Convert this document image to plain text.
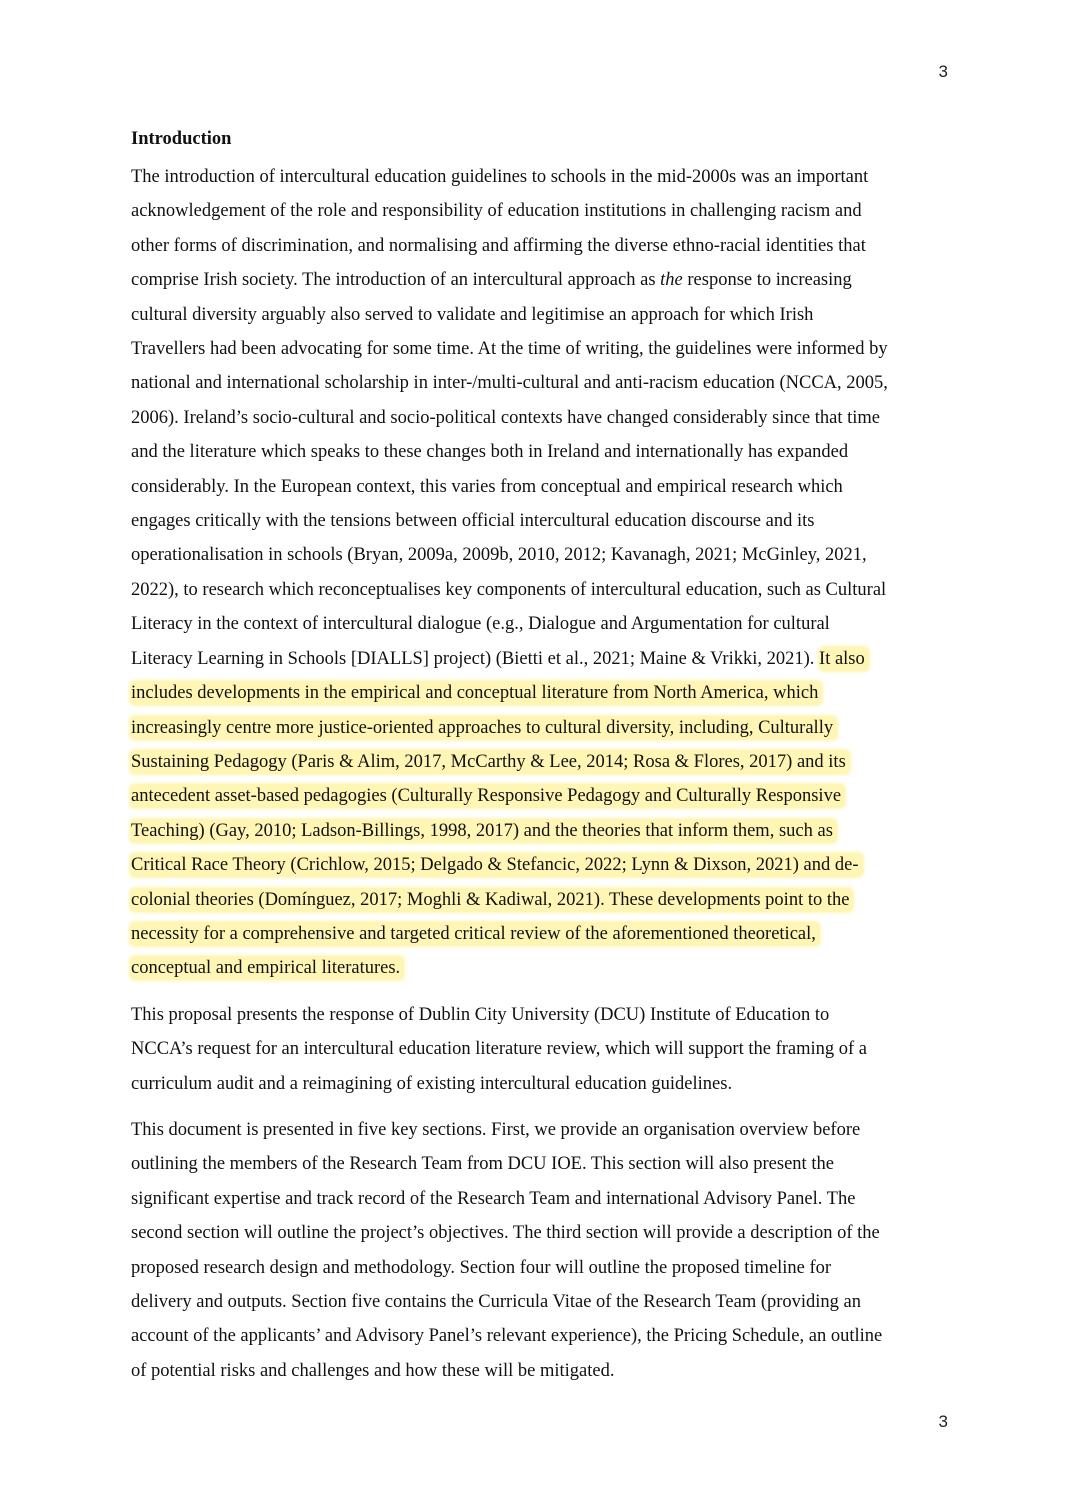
3
Introduction

The introduction of intercultural education guidelines to schools in the mid-2000s was an important
acknowledgement of the role and responsibility of education institutions in challenging racism and
other forms of discrimination, and normalising and affirming the diverse ethno-racial identities that
comprise Irish society. The introduction of an intercultural approach as the response to increasing
cultural diversity arguably also served to validate and legitimise an approach for which Irish
Travellers had been advocating for some time. At the time of writing, the guidelines were informed by
national and international scholarship in inter-/multi-cultural and anti-racism education (NCCA, 2005,
2006). Ireland’s socio-cultural and socio-political contexts have changed considerably since that time
and the literature which speaks to these changes both in Ireland and internationally has expanded
considerably. In the European context, this varies from conceptual and empirical research which
engages critically with the tensions between official intercultural education discourse and its
operationalisation in schools (Bryan, 2009a, 2009b, 2010, 2012; Kavanagh, 2021; McGinley, 2021,
2022), to research which reconceptualises key components of intercultural education, such as Cultural
Literacy in the context of intercultural dialogue (e.g., Dialogue and Argumentation for cultural
Literacy Learning in Schools [DIALLS] project) (Bietti et al., 2021; Maine & Vrikki, 2021). It also
includes developments in the empirical and conceptual literature from North America, which
increasingly centre more justice-oriented approaches to cultural diversity, including, Culturally
Sustaining Pedagogy (Paris & Alim, 2017, McCarthy & Lee, 2014; Rosa & Flores, 2017) and its
antecedent asset-based pedagogies (Culturally Responsive Pedagogy and Culturally Responsive
Teaching) (Gay, 2010; Ladson-Billings, 1998, 2017) and the theories that inform them, such as
Critical Race Theory (Crichlow, 2015; Delgado & Stefancic, 2022; Lynn & Dixson, 2021) and de-
colonial theories (Domínguez, 2017; Moghli & Kadiwal, 2021). These developments point to the
necessity for a comprehensive and targeted critical review of the aforementioned theoretical,
conceptual and empirical literatures.

This proposal presents the response of Dublin City University (DCU) Institute of Education to
NCCA’s request for an intercultural education literature review, which will support the framing of a
curriculum audit and a reimagining of existing intercultural education guidelines.

This document is presented in five key sections. First, we provide an organisation overview before
outlining the members of the Research Team from DCU IOE. This section will also present the
significant expertise and track record of the Research Team and international Advisory Panel. The
second section will outline the project’s objectives. The third section will provide a description of the
proposed research design and methodology. Section four will outline the proposed timeline for
delivery and outputs. Section five contains the Curricula Vitae of the Research Team (providing an
account of the applicants’ and Advisory Panel’s relevant experience), the Pricing Schedule, an outline
of potential risks and challenges and how these will be mitigated.

3
